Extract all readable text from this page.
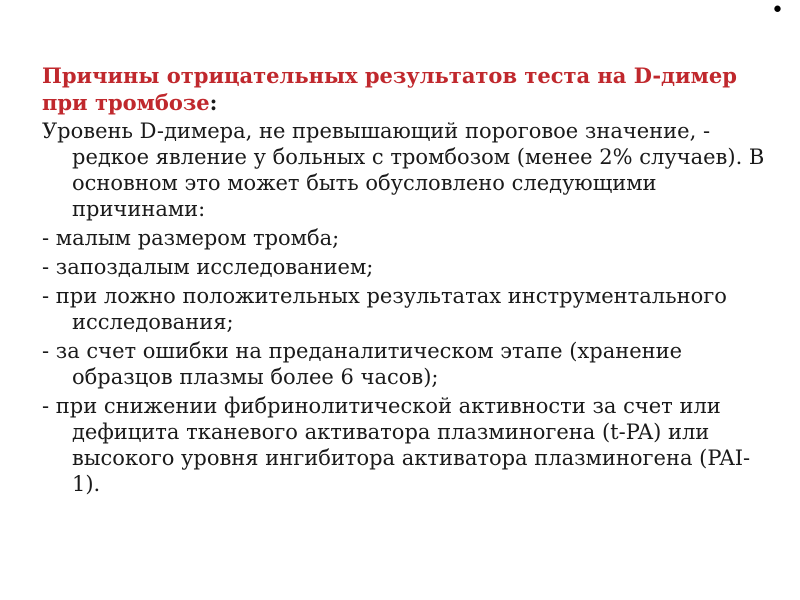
•
Причины отрицательных результатов теста на D-димер при тромбозе:
Уровень D-димера, не превышающий пороговое значение, - редкое явление у больных с тромбозом (менее 2% случаев). В основном это может быть обусловлено следующими причинами:
- малым размером тромба;
- запоздалым исследованием;
- при ложно положительных результатах инструментального исследования;
- за счет ошибки на преданалитическом этапе (хранение образцов плазмы более 6 часов);
- при снижении фибринолитической активности за счет или дефицита тканевого активатора плазминогена (t-PA) или высокого уровня ингибитора активатора плазминогена (PAI-1).
